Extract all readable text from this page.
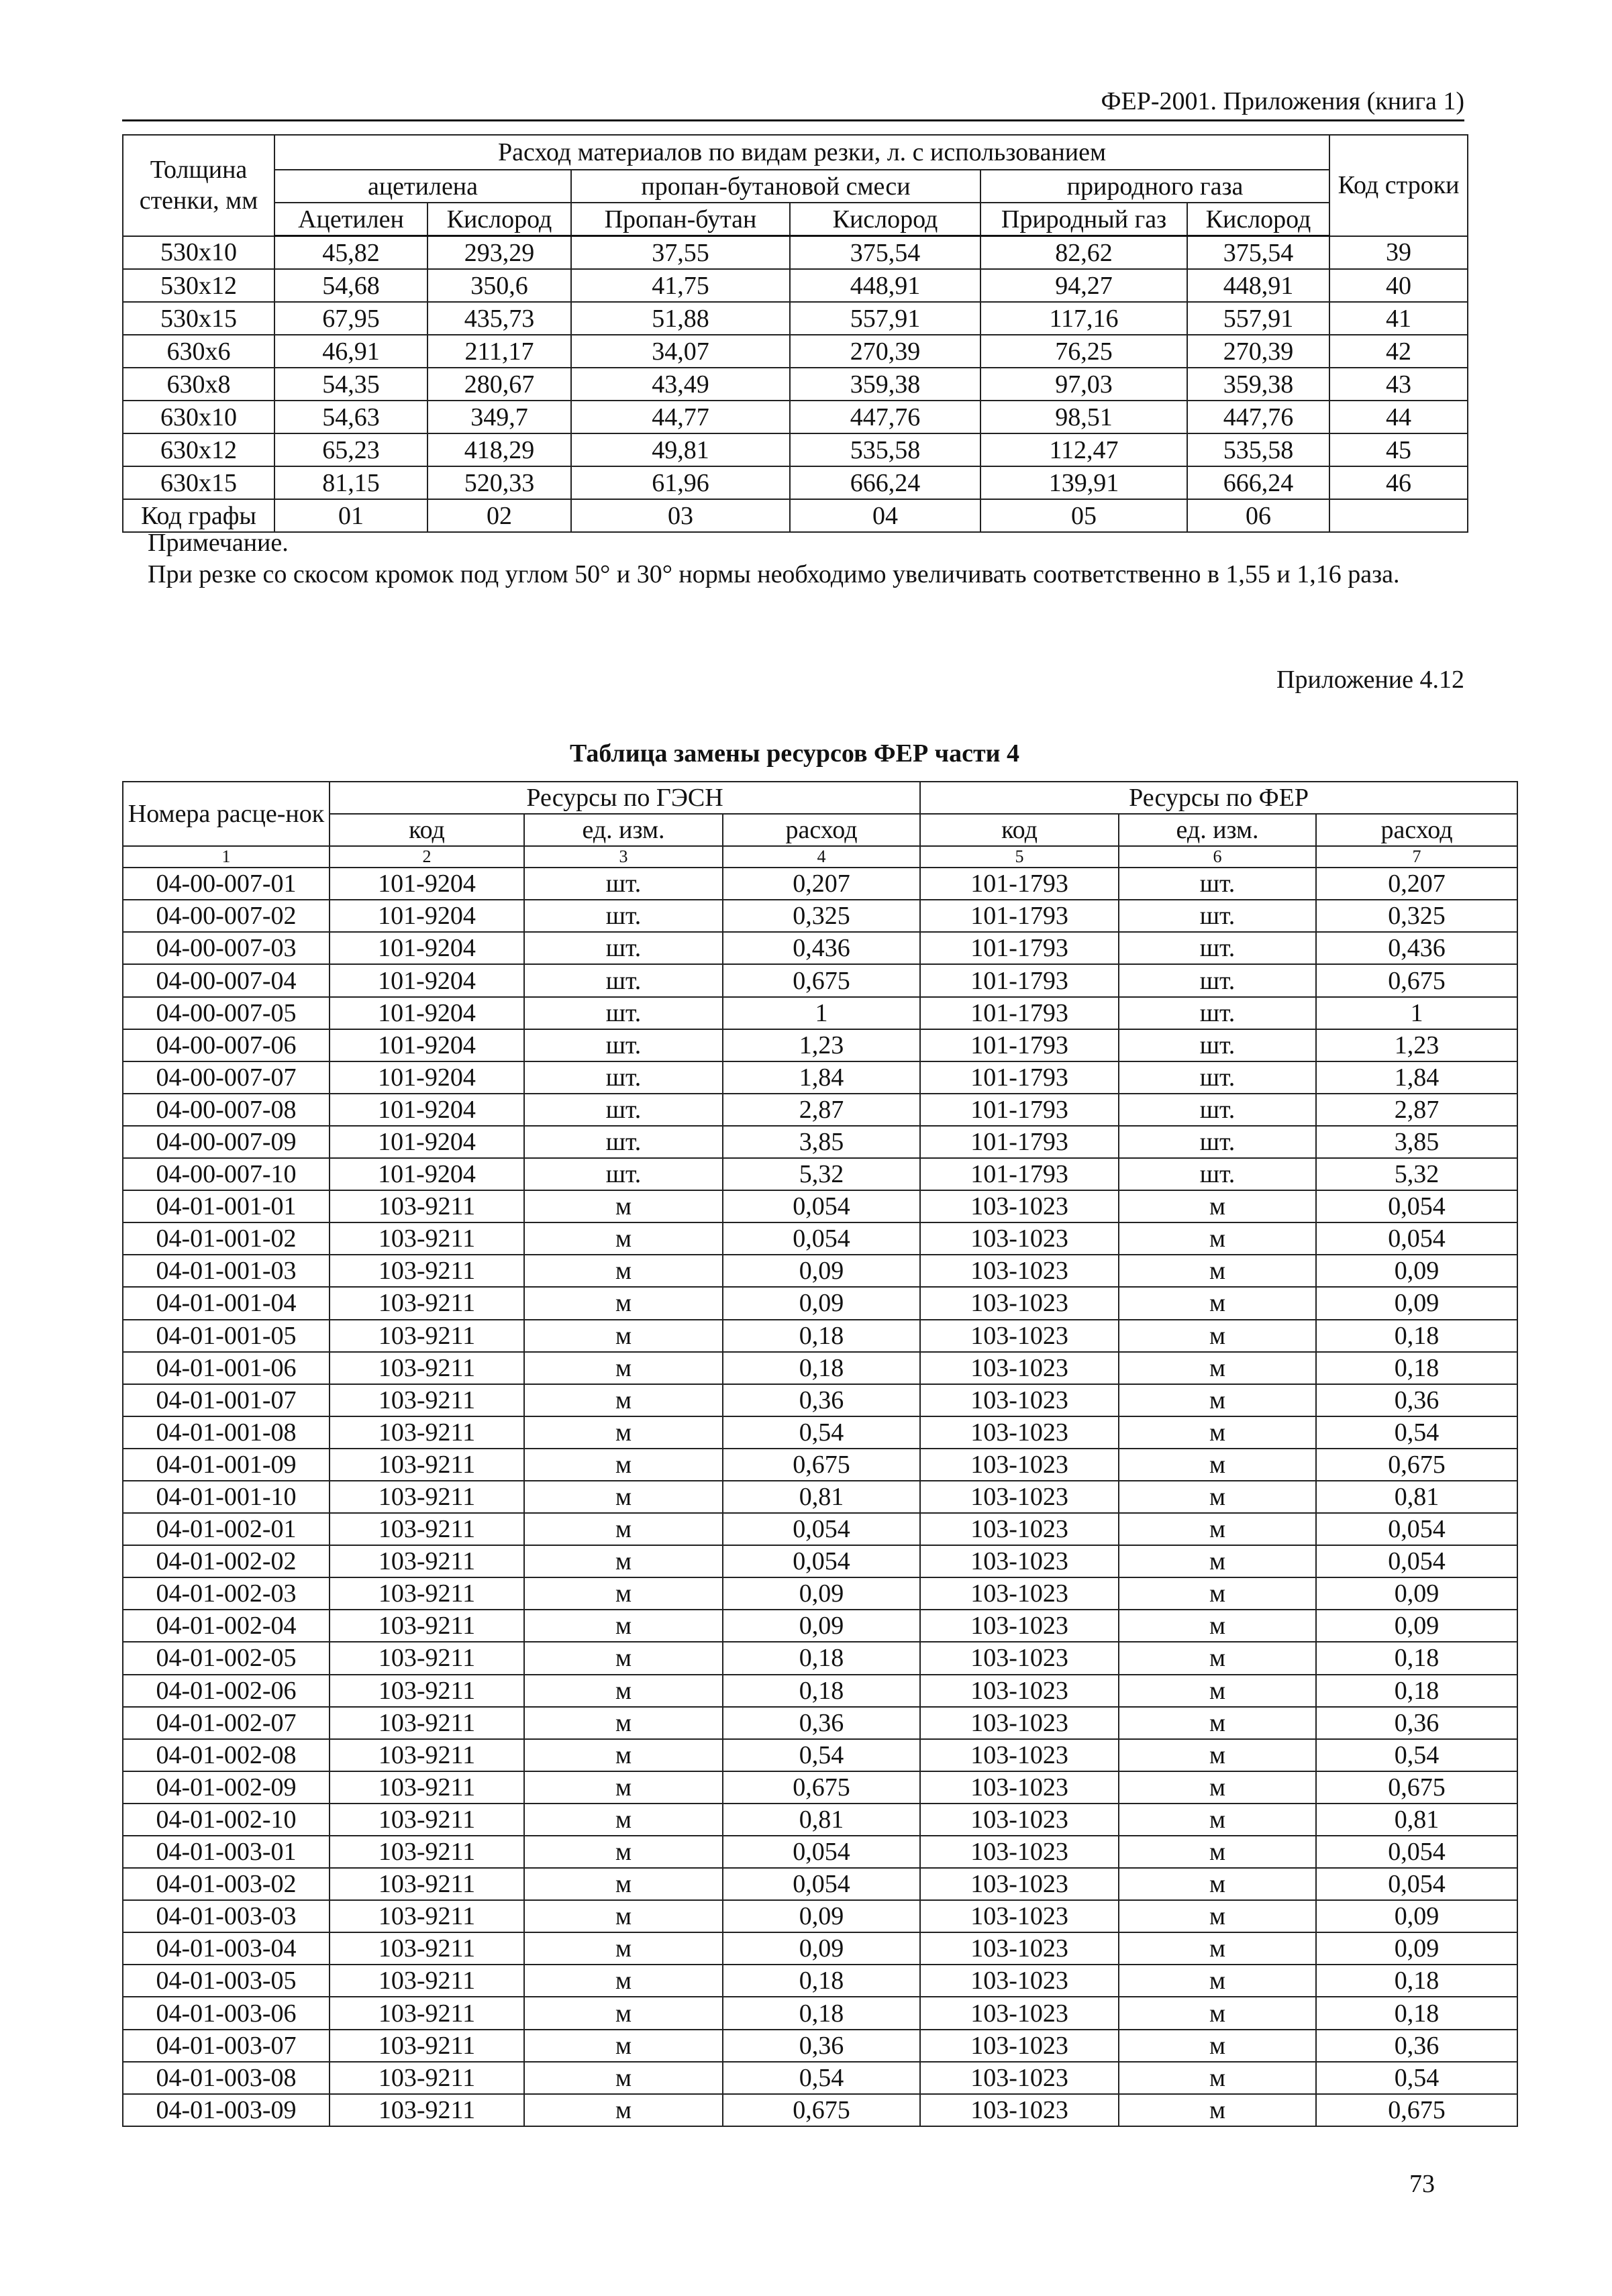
ФЕР-2001. Приложения (книга 1)
Толщина стенки, мм	Расход материалов по видам резки, л. с использованием						Код строки
	ацетилена		пропан-бутановой смеси		природного газа		
	Ацетилен	Кислород	Пропан-бутан	Кислород	Природный газ	Кислород	
530x10	45,82	293,29	37,55	375,54	82,62	375,54	39
530x12	54,68	350,6	41,75	448,91	94,27	448,91	40
530x15	67,95	435,73	51,88	557,91	117,16	557,91	41
630x6	46,91	211,17	34,07	270,39	76,25	270,39	42
630x8	54,35	280,67	43,49	359,38	97,03	359,38	43
630x10	54,63	349,7	44,77	447,76	98,51	447,76	44
630x12	65,23	418,29	49,81	535,58	112,47	535,58	45
630x15	81,15	520,33	61,96	666,24	139,91	666,24	46
Код графы	01	02	03	04	05	06	
Примечание.
При резке со скосом кромок под углом 50° и 30° нормы необходимо увеличивать соответственно в 1,55 и 1,16 раза.
Приложение 4.12
Таблица замены ресурсов ФЕР части 4
Номера расце-нок	Ресурсы по ГЭСН			Ресурсы по ФЕР		
	код	ед. изм.	расход	код	ед. изм.	расход
1	2	3	4	5	6	7
04-00-007-01	101-9204	шт.	0,207	101-1793	шт.	0,207
04-00-007-02	101-9204	шт.	0,325	101-1793	шт.	0,325
04-00-007-03	101-9204	шт.	0,436	101-1793	шт.	0,436
04-00-007-04	101-9204	шт.	0,675	101-1793	шт.	0,675
04-00-007-05	101-9204	шт.	1	101-1793	шт.	1
04-00-007-06	101-9204	шт.	1,23	101-1793	шт.	1,23
04-00-007-07	101-9204	шт.	1,84	101-1793	шт.	1,84
04-00-007-08	101-9204	шт.	2,87	101-1793	шт.	2,87
04-00-007-09	101-9204	шт.	3,85	101-1793	шт.	3,85
04-00-007-10	101-9204	шт.	5,32	101-1793	шт.	5,32
04-01-001-01	103-9211	м	0,054	103-1023	м	0,054
04-01-001-02	103-9211	м	0,054	103-1023	м	0,054
04-01-001-03	103-9211	м	0,09	103-1023	м	0,09
04-01-001-04	103-9211	м	0,09	103-1023	м	0,09
04-01-001-05	103-9211	м	0,18	103-1023	м	0,18
04-01-001-06	103-9211	м	0,18	103-1023	м	0,18
04-01-001-07	103-9211	м	0,36	103-1023	м	0,36
04-01-001-08	103-9211	м	0,54	103-1023	м	0,54
04-01-001-09	103-9211	м	0,675	103-1023	м	0,675
04-01-001-10	103-9211	м	0,81	103-1023	м	0,81
04-01-002-01	103-9211	м	0,054	103-1023	м	0,054
04-01-002-02	103-9211	м	0,054	103-1023	м	0,054
04-01-002-03	103-9211	м	0,09	103-1023	м	0,09
04-01-002-04	103-9211	м	0,09	103-1023	м	0,09
04-01-002-05	103-9211	м	0,18	103-1023	м	0,18
04-01-002-06	103-9211	м	0,18	103-1023	м	0,18
04-01-002-07	103-9211	м	0,36	103-1023	м	0,36
04-01-002-08	103-9211	м	0,54	103-1023	м	0,54
04-01-002-09	103-9211	м	0,675	103-1023	м	0,675
04-01-002-10	103-9211	м	0,81	103-1023	м	0,81
04-01-003-01	103-9211	м	0,054	103-1023	м	0,054
04-01-003-02	103-9211	м	0,054	103-1023	м	0,054
04-01-003-03	103-9211	м	0,09	103-1023	м	0,09
04-01-003-04	103-9211	м	0,09	103-1023	м	0,09
04-01-003-05	103-9211	м	0,18	103-1023	м	0,18
04-01-003-06	103-9211	м	0,18	103-1023	м	0,18
04-01-003-07	103-9211	м	0,36	103-1023	м	0,36
04-01-003-08	103-9211	м	0,54	103-1023	м	0,54
04-01-003-09	103-9211	м	0,675	103-1023	м	0,675
73
